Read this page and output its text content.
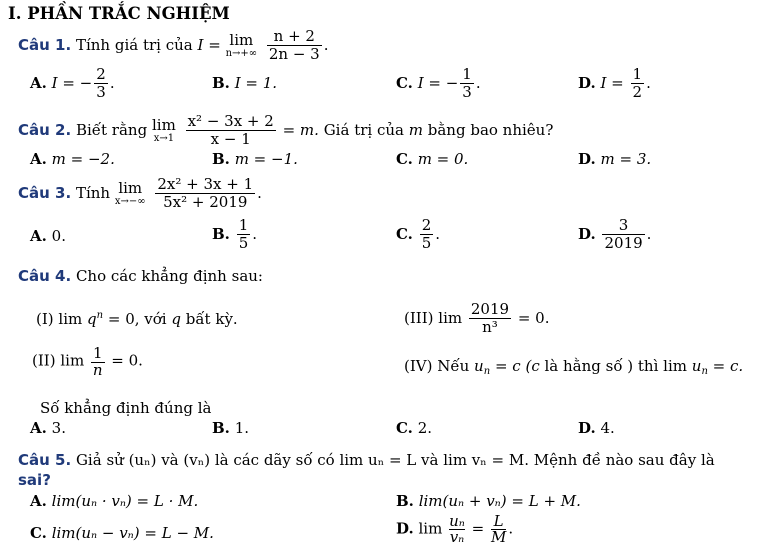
I. PHẦN TRẮC NGHIỆM
Câu 1. Tính giá trị của I = lim
n→+∞
$\frac{n + 2}{2n - 3}$ .
A. I = − $\frac{2}{3}$ .	B. I = 1.	C. I = − $\frac{1}{3}$ .	D. $I = \frac{1}{2}$ .
Câu 2. Biết rằng lim
x→1
$\frac{\text{x² − 3x + 2}}{x - 1} = m$. Giá trị của m bằng bao nhiêu?
A. m = −2.	B. m = −1.	C. m = 0.	D. m = 3.
Câu 3. Tính lim
x→−∞
$\frac{\text{2x² + 3x + 1}}{\text{5x² + 2019}}$ .
A. 0.	B. $\frac{1}{5}$ .	C. $\frac{2}{5}$ .	D. $\frac{3}{2019}$ .
Câu 4. Cho các khẳng định sau:
(I) $\lim q^n = 0$, với q bất kỳ.	(III) $\lim \frac{2019}{\text{n³}} = 0$.
(II) $\lim \frac{1}{n} = 0$.	(IV) Nếu $u_n = c$ (c là hằng số ) thì $\lim u_n = c$.
Số khẳng định đúng là
A. 3.	B. 1.	C. 2.	D. 4.
Câu 5. Giả sử (uₙ) và (vₙ) là các dãy số có lim uₙ = L và lim vₙ = M. Mệnh đề nào sau đây là
sai?
A. lim(uₙ · vₙ) = L · M.	B. lim(uₙ + vₙ) = L + M.
C. lim(uₙ − vₙ) = L − M.	D. $\lim \frac{\text{uₙ}}{\text{vₙ}} = \frac{L}{M}$ .
